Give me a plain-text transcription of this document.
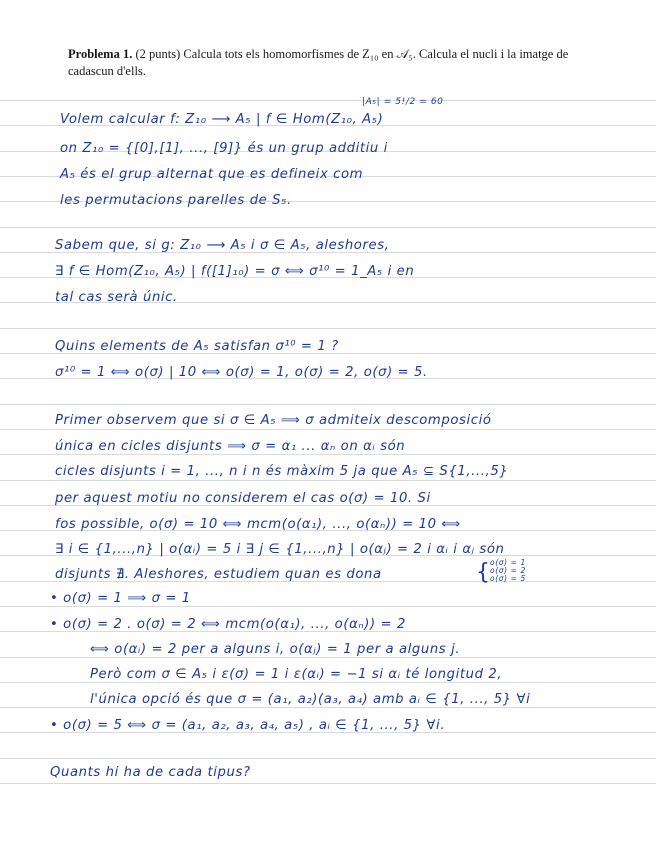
Problema 1. (2 punts) Calcula tots els homomorfismes de Z₁₀ en 𝒜₅. Calcula el nucli i la imatge de cadascun d'ells.
|A₅| = 5!/2 = 60
Volem calcular f: Z₁₀ ⟶ A₅ | f ∈ Hom(Z₁₀, A₅)
on Z₁₀ = {[0],[1], ..., [9]} és un grup additiu i
A₅ és el grup alternat que es defineix com
les permutacions parelles de S₅.
Sabem que, si g: Z₁₀ ⟶ A₅ i σ ∈ A₅, aleshores,
∃ f ∈ Hom(Z₁₀, A₅) | f([1]₁₀) = σ ⟺ σ¹⁰ = 1_A₅ i en
tal cas serà únic.
Quins elements de A₅ satisfan σ¹⁰ = 1 ?
σ¹⁰ = 1 ⟺ o(σ) | 10 ⟺ o(σ) = 1, o(σ) = 2, o(σ) = 5.
Primer observem que si σ ∈ A₅ ⟹ σ admiteix descomposició
única en cicles disjunts ⟹ σ = α₁ ... αₙ on αᵢ són
cicles disjunts i = 1, ..., n i n és màxim 5 ja que A₅ ⊆ S{1,...,5}
per aquest motiu no considerem el cas o(σ) = 10. Si
fos possible, o(σ) = 10 ⟺ mcm(o(α₁), ..., o(αₙ)) = 10 ⟺
∃ i ∈ {1,...,n} | o(αᵢ) = 5 i ∃ j ∈ {1,...,n} | o(αⱼ) = 2 i αᵢ i αⱼ són
disjunts ∄. Aleshores, estudiem quan es dona	{ o(σ) = 1
o(σ) = 2
o(σ) = 5
• o(σ) = 1 ⟹ σ = 1
• o(σ) = 2 . o(σ) = 2 ⟺ mcm(o(α₁), ..., o(αₙ)) = 2
⟺ o(αᵢ) = 2 per a alguns i, o(αⱼ) = 1 per a alguns j.
Però com σ ∈ A₅ i ε(σ) = 1 i ε(αᵢ) = −1 si αᵢ té longitud 2,
l'única opció és que σ = (a₁, a₂)(a₃, a₄) amb aᵢ ∈ {1, ..., 5} ∀i
• o(σ) = 5 ⟺ σ = (a₁, a₂, a₃, a₄, a₅) , aᵢ ∈ {1, ..., 5} ∀i.
Quants hi ha de cada tipus?
